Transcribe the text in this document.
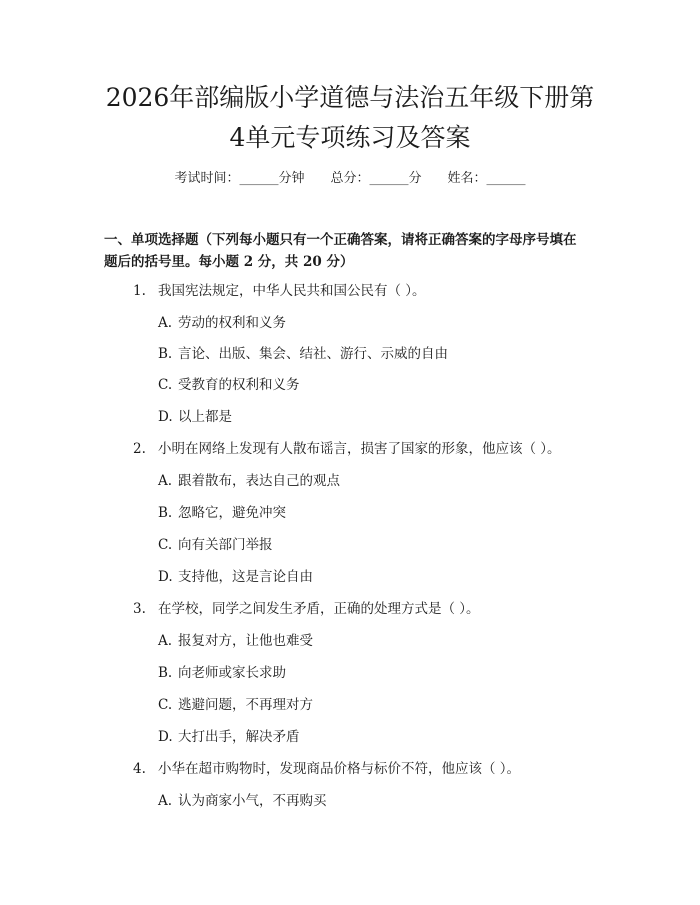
2026年部编版小学道德与法治五年级下册第
4单元专项练习及答案
考试时间：______分钟 总分：______分 姓名：______
一、单项选择题（下列每小题只有一个正确答案，请将正确答案的字母序号填在
题后的括号里。每小题 2 分，共 20 分）
1. 我国宪法规定，中华人民共和国公民有（ ）。
A. 劳动的权利和义务
B. 言论、出版、集会、结社、游行、示威的自由
C. 受教育的权利和义务
D. 以上都是
2. 小明在网络上发现有人散布谣言，损害了国家的形象，他应该（ ）。
A. 跟着散布，表达自己的观点
B. 忽略它，避免冲突
C. 向有关部门举报
D. 支持他，这是言论自由
3. 在学校，同学之间发生矛盾，正确的处理方式是（ ）。
A. 报复对方，让他也难受
B. 向老师或家长求助
C. 逃避问题，不再理对方
D. 大打出手，解决矛盾
4. 小华在超市购物时，发现商品价格与标价不符，他应该（ ）。
A. 认为商家小气，不再购买
